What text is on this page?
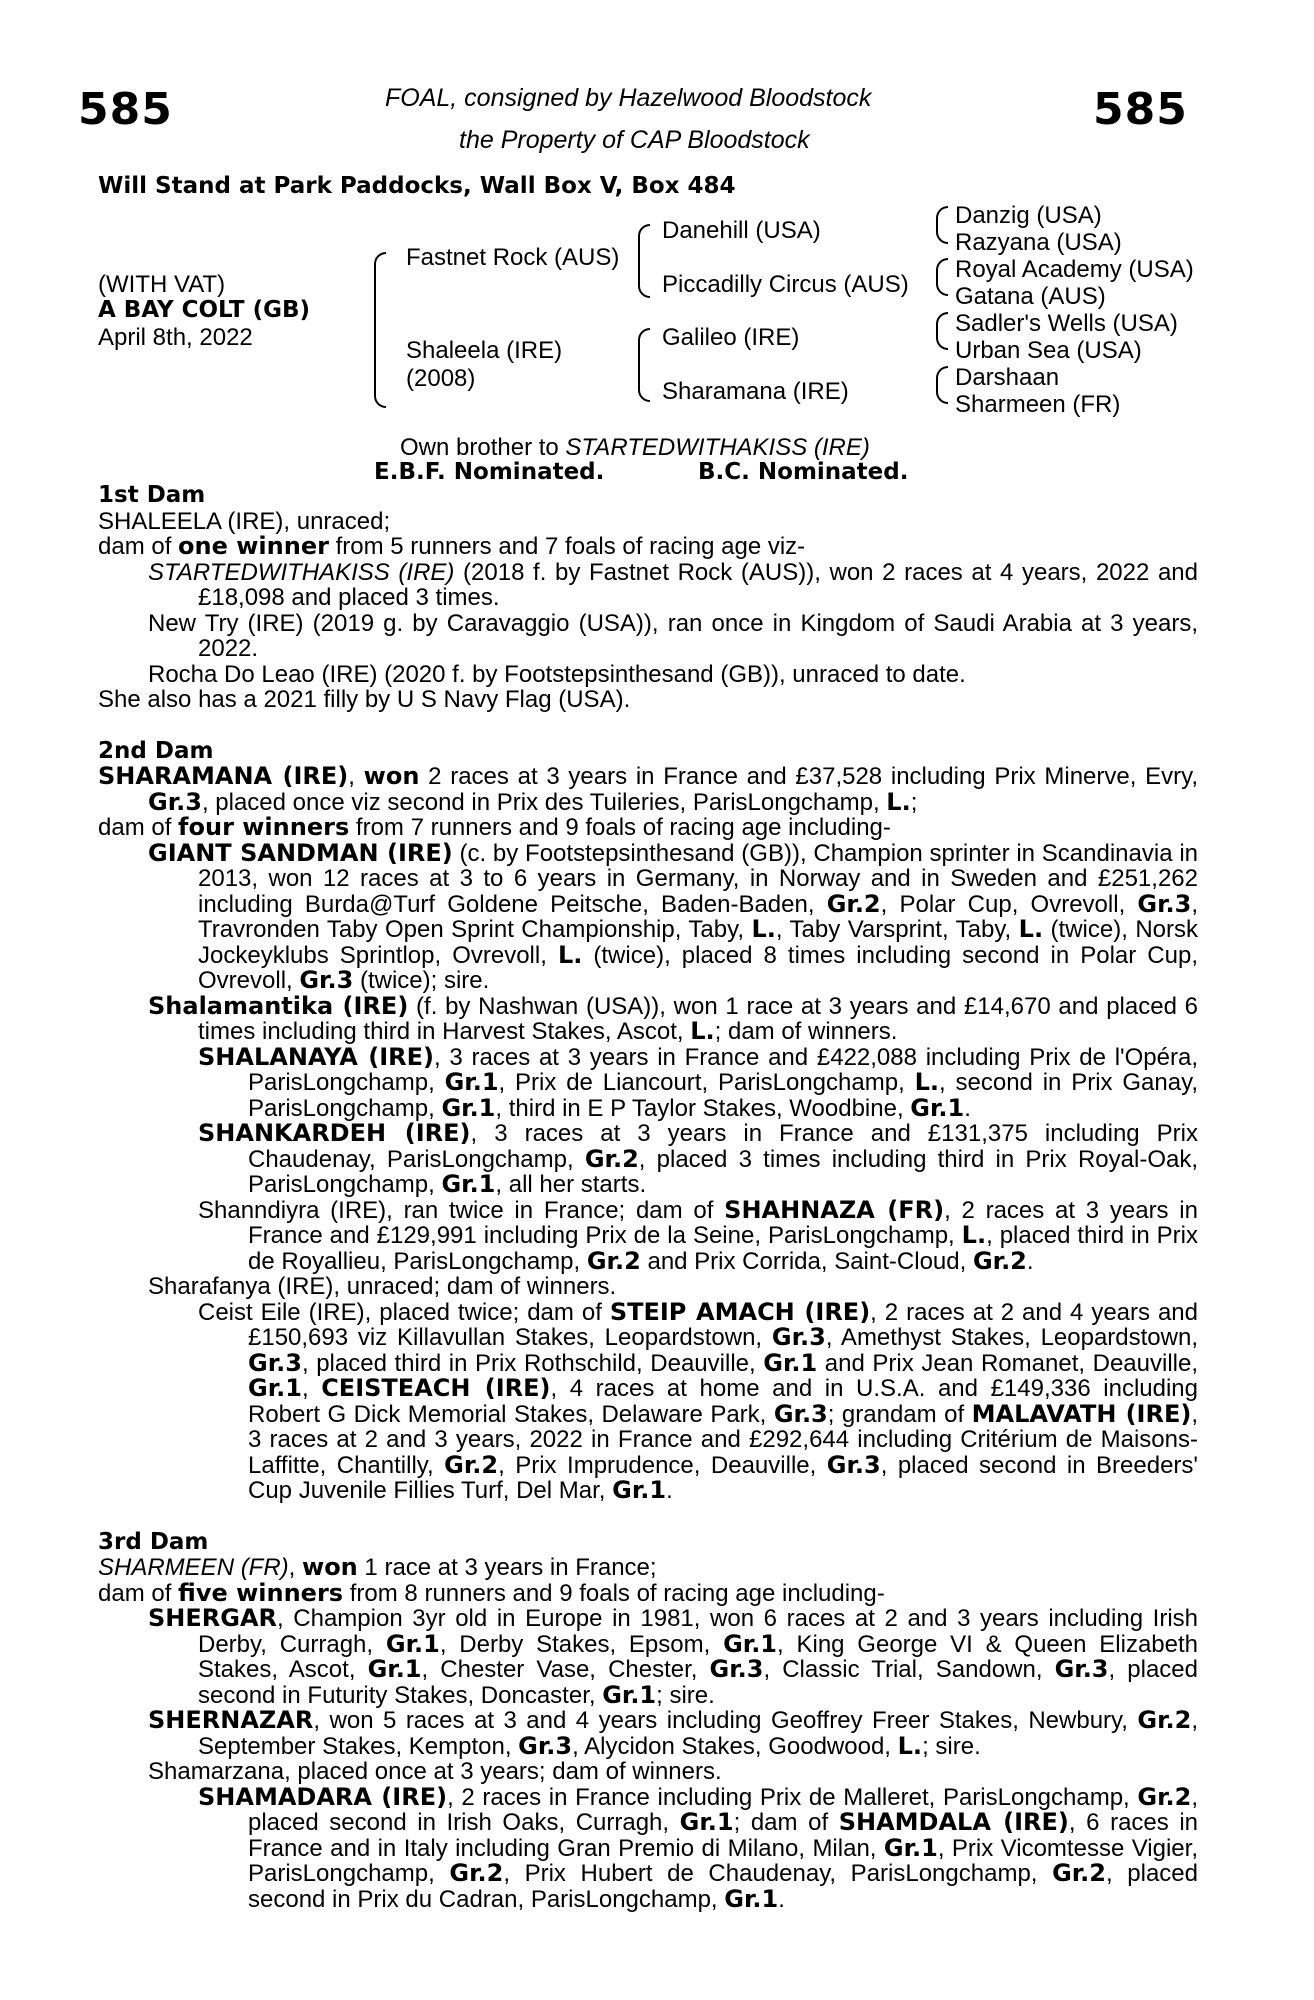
585	585
FOAL, consigned by Hazelwood Bloodstock
the Property of CAP Bloodstock
Will Stand at Park Paddocks, Wall Box V, Box 484
(WITH VAT)
A BAY COLT (GB)
April 8th, 2022
Fastnet Rock (AUS)
Shaleela (IRE)
(2008)
Danehill (USA)
Piccadilly Circus (AUS)
Galileo (IRE)
Sharamana (IRE)
Danzig (USA)
Razyana (USA)
Royal Academy (USA)
Gatana (AUS)
Sadler's Wells (USA)
Urban Sea (USA)
Darshaan
Sharmeen (FR)
Own brother to STARTEDWITHAKISS (IRE)
E.B.F. Nominated.	B.C. Nominated.

1st Dam

SHALEELA (IRE), unraced;

dam of one winner from 5 runners and 7 foals of racing age viz-

STARTEDWITHAKISS (IRE) (2018 f. by Fastnet Rock (AUS)), won 2 races at 4 years, 2022 and £18,098 and placed 3 times.

New Try (IRE) (2019 g. by Caravaggio (USA)), ran once in Kingdom of Saudi Arabia at 3 years, 2022.

Rocha Do Leao (IRE) (2020 f. by Footstepsinthesand (GB)), unraced to date.

She also has a 2021 filly by U S Navy Flag (USA).

2nd Dam

SHARAMANA (IRE), won 2 races at 3 years in France and £37,528 including Prix Minerve, Evry, Gr.3, placed once viz second in Prix des Tuileries, ParisLongchamp, L.;

dam of four winners from 7 runners and 9 foals of racing age including-

GIANT SANDMAN (IRE) (c. by Footstepsinthesand (GB)), Champion sprinter in Scandinavia in 2013, won 12 races at 3 to 6 years in Germany, in Norway and in Sweden and £251,262 including Burda@Turf Goldene Peitsche, Baden-Baden, Gr.2, Polar Cup, Ovrevoll, Gr.3, Travronden Taby Open Sprint Championship, Taby, L., Taby Varsprint, Taby, L. (twice), Norsk Jockeyklubs Sprintlop, Ovrevoll, L. (twice), placed 8 times including second in Polar Cup, Ovrevoll, Gr.3 (twice); sire.

Shalamantika (IRE) (f. by Nashwan (USA)), won 1 race at 3 years and £14,670 and placed 6 times including third in Harvest Stakes, Ascot, L.; dam of winners.

SHALANAYA (IRE), 3 races at 3 years in France and £422,088 including Prix de l'Opéra, ParisLongchamp, Gr.1, Prix de Liancourt, ParisLongchamp, L., second in Prix Ganay, ParisLongchamp, Gr.1, third in E P Taylor Stakes, Woodbine, Gr.1.

SHANKARDEH (IRE), 3 races at 3 years in France and £131,375 including Prix Chaudenay, ParisLongchamp, Gr.2, placed 3 times including third in Prix Royal-Oak, ParisLongchamp, Gr.1, all her starts.

Shanndiyra (IRE), ran twice in France; dam of SHAHNAZA (FR), 2 races at 3 years in France and £129,991 including Prix de la Seine, ParisLongchamp, L., placed third in Prix de Royallieu, ParisLongchamp, Gr.2 and Prix Corrida, Saint-Cloud, Gr.2.

Sharafanya (IRE), unraced; dam of winners.

Ceist Eile (IRE), placed twice; dam of STEIP AMACH (IRE), 2 races at 2 and 4 years and £150,693 viz Killavullan Stakes, Leopardstown, Gr.3, Amethyst Stakes, Leopardstown, Gr.3, placed third in Prix Rothschild, Deauville, Gr.1 and Prix Jean Romanet, Deauville, Gr.1, CEISTEACH (IRE), 4 races at home and in U.S.A. and £149,336 including Robert G Dick Memorial Stakes, Delaware Park, Gr.3; grandam of MALAVATH (IRE), 3 races at 2 and 3 years, 2022 in France and £292,644 including Critérium de Maisons-Laffitte, Chantilly, Gr.2, Prix Imprudence, Deauville, Gr.3, placed second in Breeders' Cup Juvenile Fillies Turf, Del Mar, Gr.1.

3rd Dam

SHARMEEN (FR), won 1 race at 3 years in France;

dam of five winners from 8 runners and 9 foals of racing age including-

SHERGAR, Champion 3yr old in Europe in 1981, won 6 races at 2 and 3 years including Irish Derby, Curragh, Gr.1, Derby Stakes, Epsom, Gr.1, King George VI & Queen Elizabeth Stakes, Ascot, Gr.1, Chester Vase, Chester, Gr.3, Classic Trial, Sandown, Gr.3, placed second in Futurity Stakes, Doncaster, Gr.1; sire.

SHERNAZAR, won 5 races at 3 and 4 years including Geoffrey Freer Stakes, Newbury, Gr.2, September Stakes, Kempton, Gr.3, Alycidon Stakes, Goodwood, L.; sire.

Shamarzana, placed once at 3 years; dam of winners.

SHAMADARA (IRE), 2 races in France including Prix de Malleret, ParisLongchamp, Gr.2, placed second in Irish Oaks, Curragh, Gr.1; dam of SHAMDALA (IRE), 6 races in France and in Italy including Gran Premio di Milano, Milan, Gr.1, Prix Vicomtesse Vigier, ParisLongchamp, Gr.2, Prix Hubert de Chaudenay, ParisLongchamp, Gr.2, placed second in Prix du Cadran, ParisLongchamp, Gr.1.
